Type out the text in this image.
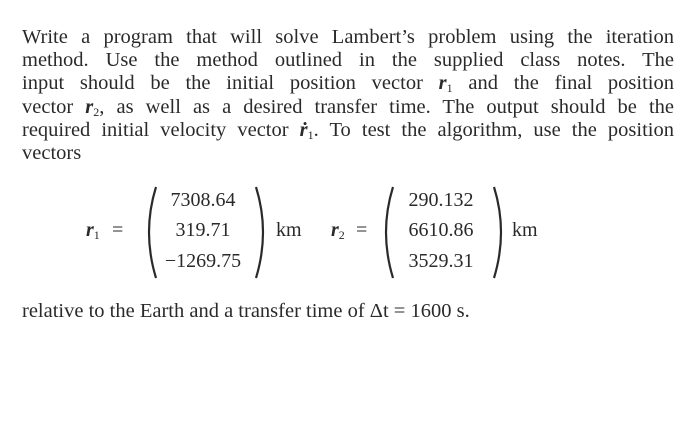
Write a program that will solve Lambert’s problem using the iteration
method. Use the method outlined in the supplied class notes. The
input should be the initial position vector $r_1$ and the final position
vector $r_2$, as well as a desired transfer time. The output should be the
required initial velocity vector ṙ$_1$. To test the algorithm, use the position
vectors
$r_1$ =
7308.64
319.71
−1269.75
km $r_2$ =
290.132
6610.86
3529.31
km
relative to the Earth and a transfer time of Δt = 1600 s.
